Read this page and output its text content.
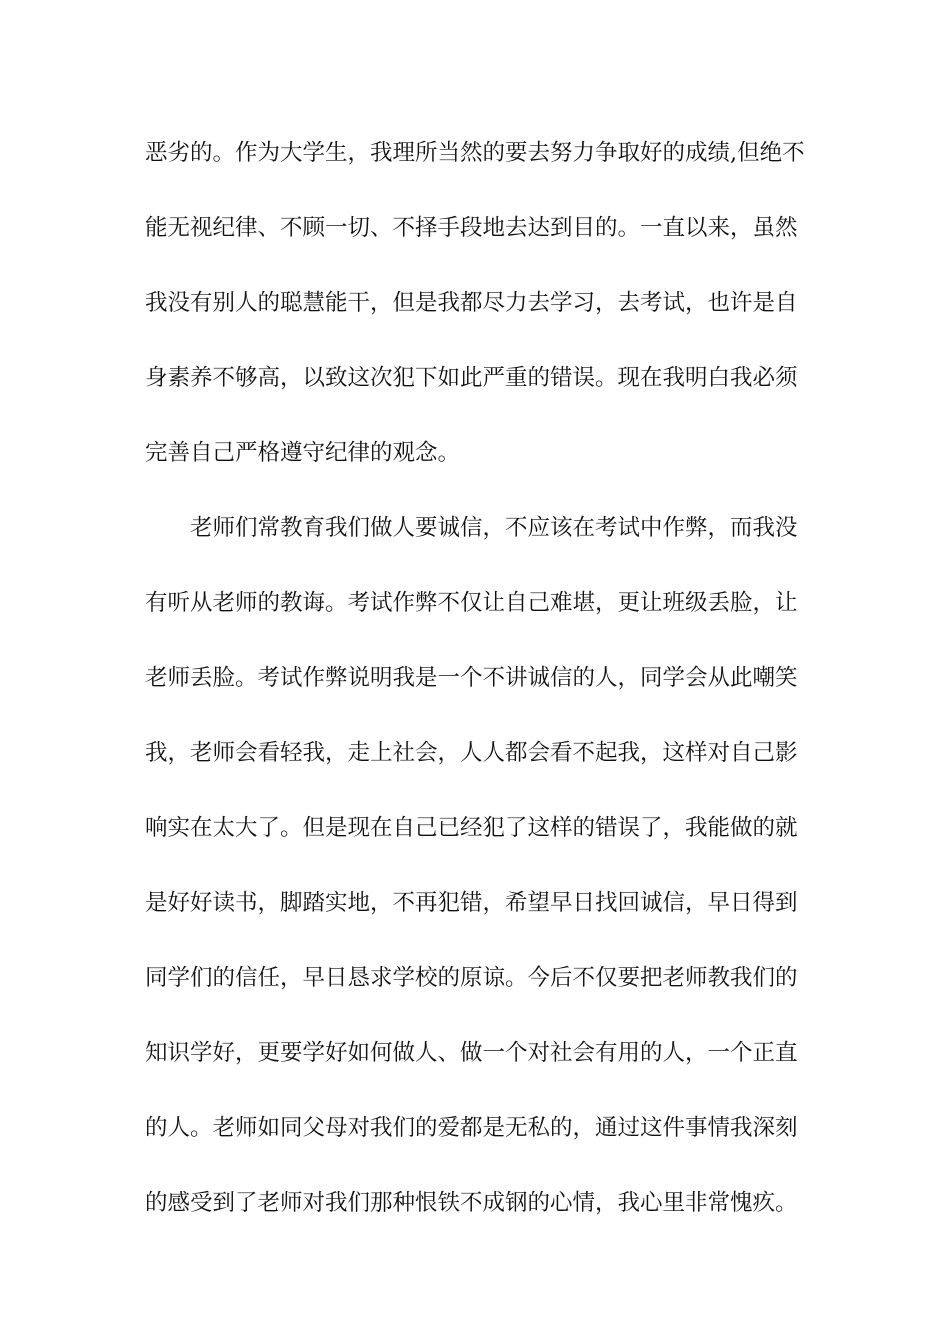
恶劣的。作为大学生，我理所当然的要去努力争取好的成绩,但绝不
能无视纪律、不顾一切、不择手段地去达到目的。一直以来，虽然
我没有别人的聪慧能干，但是我都尽力去学习，去考试，也许是自
身素养不够高，以致这次犯下如此严重的错误。现在我明白我必须
完善自己严格遵守纪律的观念。
　　老师们常教育我们做人要诚信，不应该在考试中作弊，而我没
有听从老师的教诲。考试作弊不仅让自己难堪，更让班级丢脸，让
老师丢脸。考试作弊说明我是一个不讲诚信的人，同学会从此嘲笑
我，老师会看轻我，走上社会，人人都会看不起我，这样对自己影
响实在太大了。但是现在自己已经犯了这样的错误了，我能做的就
是好好读书，脚踏实地，不再犯错，希望早日找回诚信，早日得到
同学们的信任，早日恳求学校的原谅。今后不仅要把老师教我们的
知识学好，更要学好如何做人、做一个对社会有用的人，一个正直
的人。老师如同父母对我们的爱都是无私的，通过这件事情我深刻
的感受到了老师对我们那种恨铁不成钢的心情，我心里非常愧疚。
